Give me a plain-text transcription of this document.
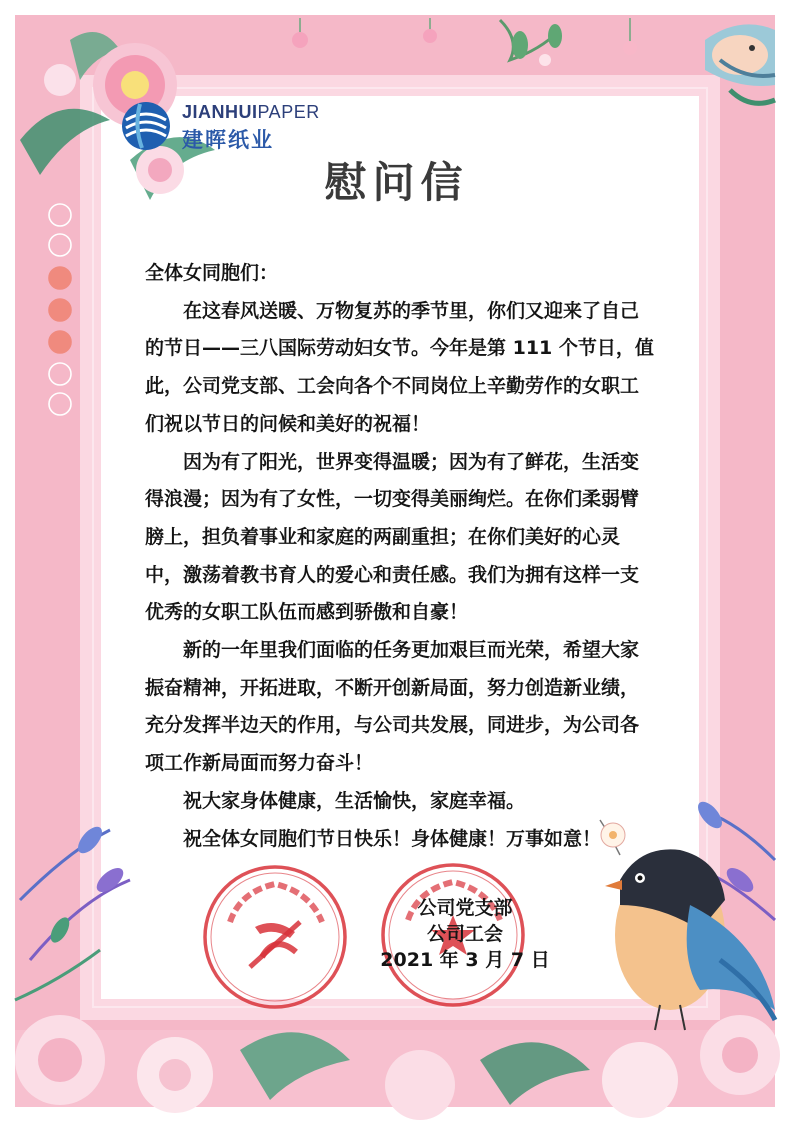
JIANHUIPAPER
建晖纸业
慰问信

全体女同胞们：

在这春风送暖、万物复苏的季节里，你们又迎来了自己的节日——三八国际劳动妇女节。今年是第 111 个节日，值此，公司党支部、工会向各个不同岗位上辛勤劳作的女职工们祝以节日的问候和美好的祝福！

因为有了阳光，世界变得温暖；因为有了鲜花，生活变得浪漫；因为有了女性，一切变得美丽绚烂。在你们柔弱臂膀上，担负着事业和家庭的两副重担；在你们美好的心灵中，激荡着教书育人的爱心和责任感。我们为拥有这样一支优秀的女职工队伍而感到骄傲和自豪！

新的一年里我们面临的任务更加艰巨而光荣，希望大家振奋精神，开拓进取，不断开创新局面，努力创造新业绩，充分发挥半边天的作用，与公司共发展，同进步，为公司各项工作新局面而努力奋斗！

祝大家身体健康，生活愉快，家庭幸福。

祝全体女同胞们节日快乐！身体健康！万事如意！

公司党支部
公司工会
2021 年 3 月 7 日
